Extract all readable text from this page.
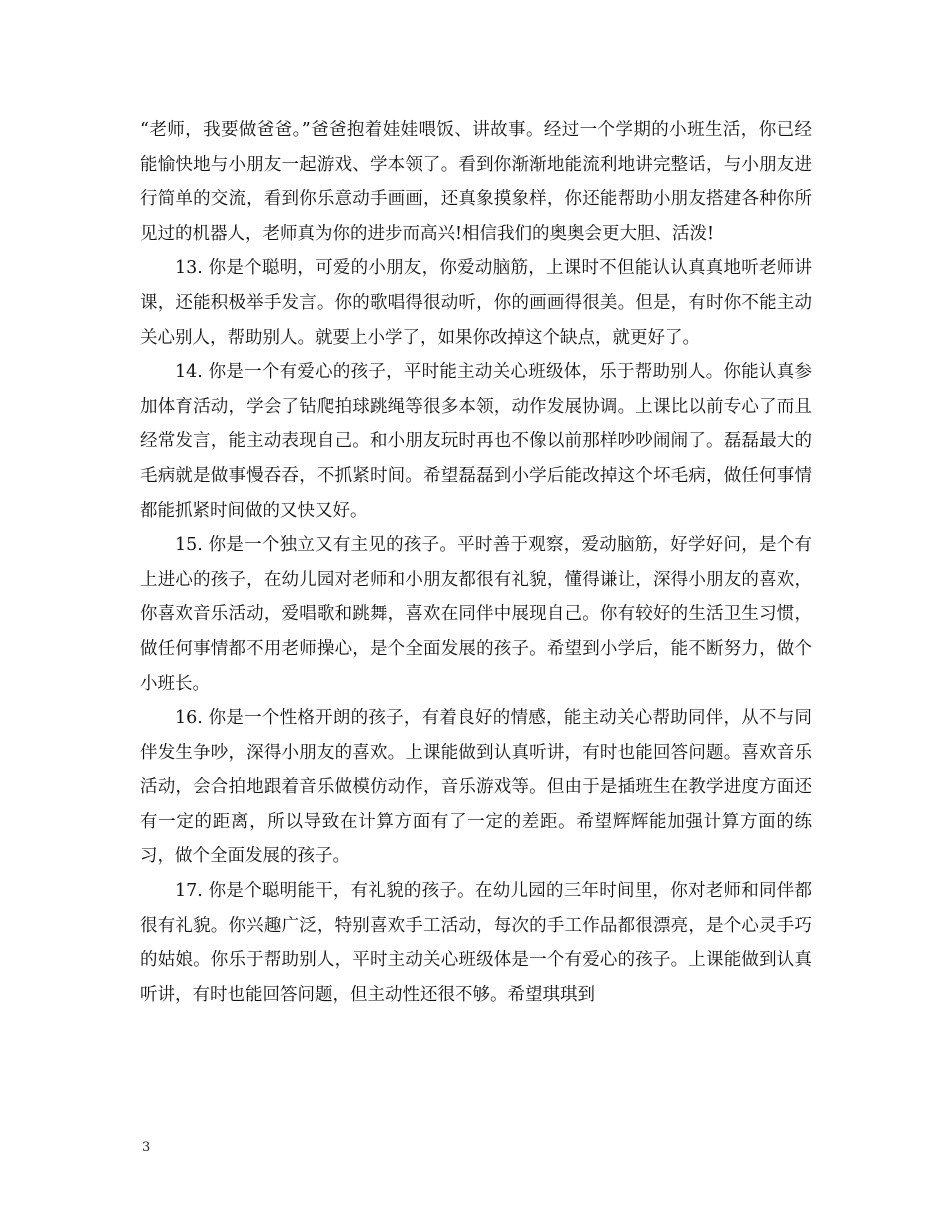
“老师，我要做爸爸。”爸爸抱着娃娃喂饭、讲故事。经过一个学期的小班生活，你已经能愉快地与小朋友一起游戏、学本领了。看到你渐渐地能流利地讲完整话，与小朋友进行简单的交流，看到你乐意动手画画，还真象摸象样，你还能帮助小朋友搭建各种你所见过的机器人，老师真为你的进步而高兴!相信我们的奥奥会更大胆、活泼!

13. 你是个聪明，可爱的小朋友，你爱动脑筋，上课时不但能认认真真地听老师讲课，还能积极举手发言。你的歌唱得很动听，你的画画得很美。但是，有时你不能主动关心别人，帮助别人。就要上小学了，如果你改掉这个缺点，就更好了。

14. 你是一个有爱心的孩子，平时能主动关心班级体，乐于帮助别人。你能认真参加体育活动，学会了钻爬拍球跳绳等很多本领，动作发展协调。上课比以前专心了而且经常发言，能主动表现自己。和小朋友玩时再也不像以前那样吵吵闹闹了。磊磊最大的毛病就是做事慢吞吞，不抓紧时间。希望磊磊到小学后能改掉这个坏毛病，做任何事情都能抓紧时间做的又快又好。

15. 你是一个独立又有主见的孩子。平时善于观察，爱动脑筋，好学好问，是个有上进心的孩子，在幼儿园对老师和小朋友都很有礼貌，懂得谦让，深得小朋友的喜欢，你喜欢音乐活动，爱唱歌和跳舞，喜欢在同伴中展现自己。你有较好的生活卫生习惯，做任何事情都不用老师操心，是个全面发展的孩子。希望到小学后，能不断努力，做个小班长。

16. 你是一个性格开朗的孩子，有着良好的情感，能主动关心帮助同伴，从不与同伴发生争吵，深得小朋友的喜欢。上课能做到认真听讲，有时也能回答问题。喜欢音乐活动，会合拍地跟着音乐做模仿动作，音乐游戏等。但由于是插班生在教学进度方面还有一定的距离，所以导致在计算方面有了一定的差距。希望辉辉能加强计算方面的练习，做个全面发展的孩子。

17. 你是个聪明能干，有礼貌的孩子。在幼儿园的三年时间里，你对老师和同伴都很有礼貌。你兴趣广泛，特别喜欢手工活动，每次的手工作品都很漂亮，是个心灵手巧的姑娘。你乐于帮助别人，平时主动关心班级体是一个有爱心的孩子。上课能做到认真听讲，有时也能回答问题，但主动性还很不够。希望琪琪到

3
